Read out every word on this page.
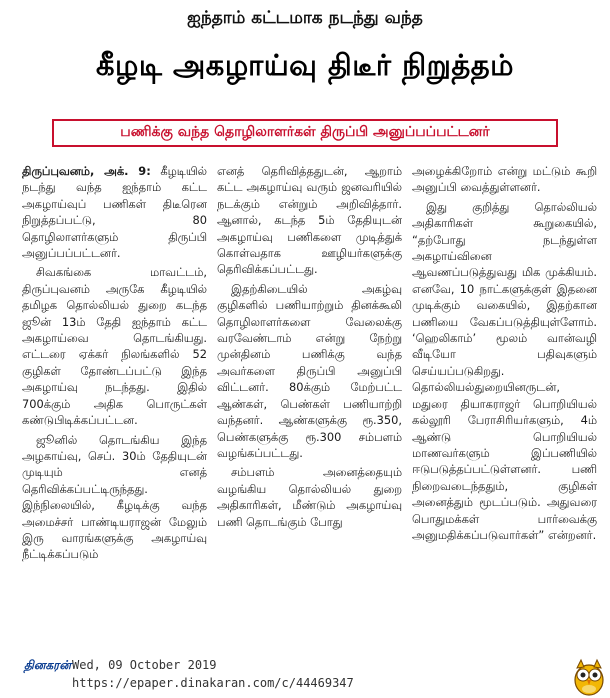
ஐந்தாம் கட்டமாக நடந்து வந்த
கீழடி அகழாய்வு திடீர் நிறுத்தம்
பணிக்கு வந்த தொழிலாளர்கள் திருப்பி அனுப்பப்பட்டனர்

திருப்புவனம், அக். 9: கீழடியில் நடந்து வந்த ஐந்தாம் கட்ட அகழாய்வுப் பணிகள் திடீரென நிறுத்தப்பட்டு, 80 தொழிலாளர்களும் திருப்பி அனுப்பப்பட்டனர்.

சிவகங்கை மாவட்டம், திருப்புவனம் அருகே கீழடியில் தமிழக தொல்லியல் துறை கடந்த ஜூன் 13ம் தேதி ஐந்தாம் கட்ட அகழாய்வை தொடங்கியது. எட்டரை ஏக்கர் நிலங்களில் 52 குழிகள் தோண்டப்பட்டு இந்த அகழாய்வு நடந்தது. இதில் 700க்கும் அதிக பொருட்கள் கண்டுபிடிக்கப்பட்டன.

ஜூனில் தொடங்கிய இந்த அழகாய்வு, செப். 30ம் தேதியுடன் முடியும் எனத் தெரிவிக்கப்பட்டிருந்தது. இந்நிலையில், கீழடிக்கு வந்த அமைச்சர் பாண்டியராஜன் மேலும் இரு வாரங்களுக்கு அகழாய்வு நீட்டிக்கப்படும்

எனத் தெரிவித்ததுடன், ஆறாம் கட்ட அகழாய்வு வரும் ஜனவரியில் நடக்கும் என்றும் அறிவித்தார். ஆனால், கடந்த 5ம் தேதியுடன் அகழாய்வு பணிகளை முடித்துக் கொள்வதாக ஊழியர்களுக்கு தெரிவிக்கப்பட்டது.

இதற்கிடையில் அகழ்வு குழிகளில் பணியாற்றும் தினக்கூலி தொழிலாளர்களை வேலைக்கு வரவேண்டாம் என்று நேற்று முன்தினம் பணிக்கு வந்த அவர்களை திருப்பி அனுப்பி விட்டனர். 80க்கும் மேற்பட்ட ஆண்கள், பெண்கள் பணியாற்றி வந்தனர். ஆண்களுக்கு ரூ.350, பெண்களுக்கு ரூ.300 சம்பளம் வழங்கப்பட்டது.

சம்பளம் அனைத்தையும் வழங்கிய தொல்லியல் துறை அதிகாரிகள், மீண்டும் அகழாய்வு பணி தொடங்கும் போது

அழைக்கிறோம் என்று மட்டும் கூறி அனுப்பி வைத்துள்ளனர்.

இது குறித்து தொல்லியல் அதிகாரிகள் கூறுகையில், “தற்போது நடந்துள்ள அகழாய்வினை ஆவணப்படுத்துவது மிக முக்கியம். எனவே, 10 நாட்களுக்குள் இதனை முடிக்கும் வகையில், இதற்கான பணியை வேகப்படுத்தியுள்ளோம். ‘ஹெலிகாம்’ மூலம் வான்வழி வீடியோ பதிவுகளும் செய்யப்படுகிறது. தொல்லியல்துறையினருடன், மதுரை தியாகராஜர் பொறியியல் கல்லூரி பேராசிரியர்களும், 4ம் ஆண்டு பொறியியல் மாணவர்களும் இப்பணியில் ஈடுபடுத்தப்பட்டுள்ளனர். பணி நிறைவடைந்ததும், குழிகள் அனைத்தும் மூடப்படும். அதுவரை பொதுமக்கள் பார்வைக்கு அனுமதிக்கப்படுவார்கள்” என்றனர்.

தினகரன் Wed, 09 October 2019
https://epaper.dinakaran.com/c/44469347
